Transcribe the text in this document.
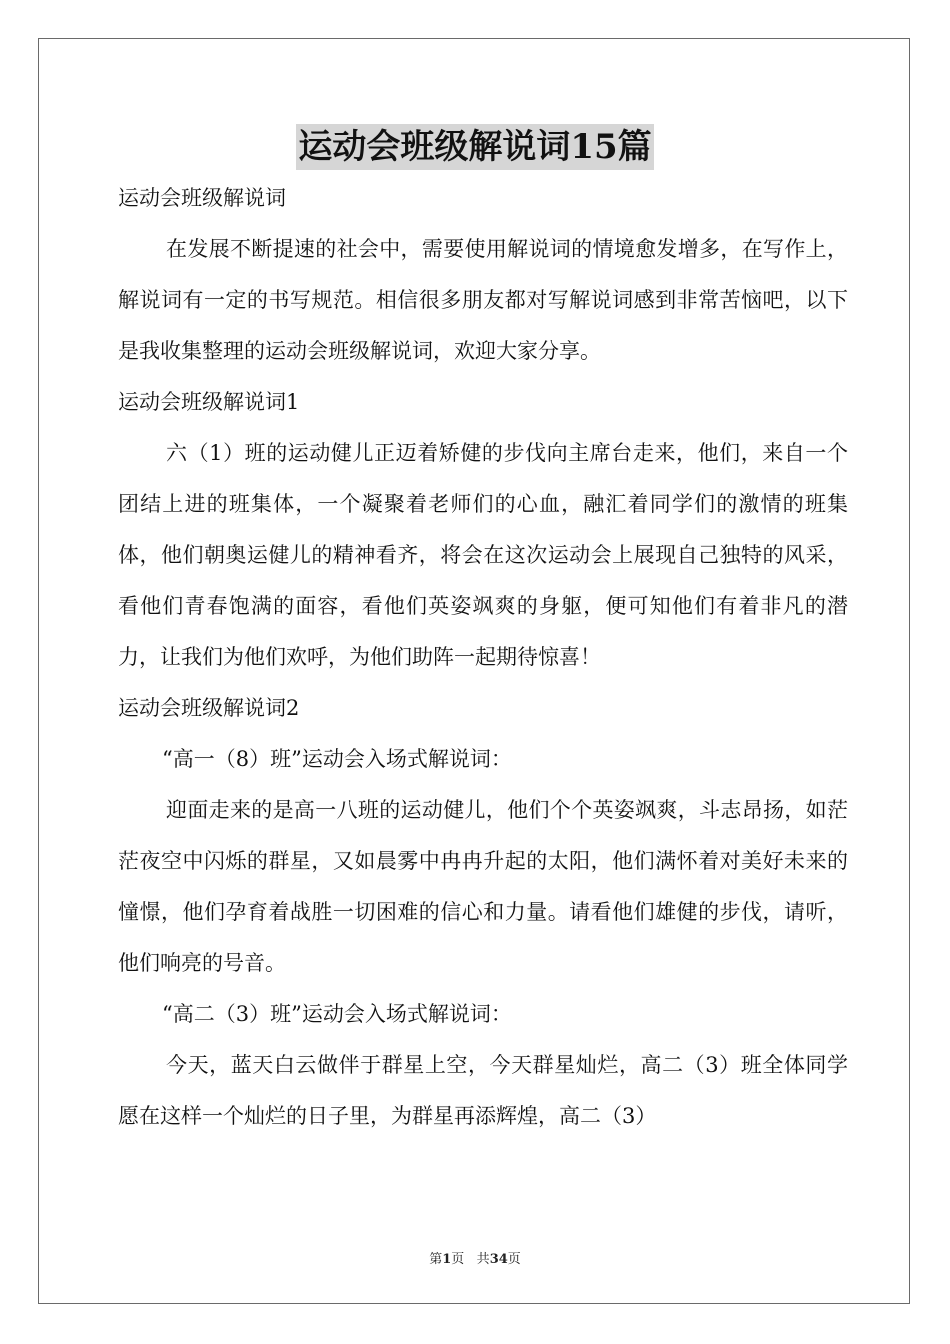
运动会班级解说词15篇

运动会班级解说词

在发展不断提速的社会中，需要使用解说词的情境愈发增多，在写作上，解说词有一定的书写规范。相信很多朋友都对写解说词感到非常苦恼吧，以下是我收集整理的运动会班级解说词，欢迎大家分享。

运动会班级解说词1

六（1）班的运动健儿正迈着矫健的步伐向主席台走来，他们，来自一个团结上进的班集体，一个凝聚着老师们的心血，融汇着同学们的激情的班集体，他们朝奥运健儿的精神看齐，将会在这次运动会上展现自己独特的风采，看他们青春饱满的面容，看他们英姿飒爽的身躯，便可知他们有着非凡的潜力，让我们为他们欢呼，为他们助阵一起期待惊喜！

运动会班级解说词2

“高一（8）班”运动会入场式解说词：

迎面走来的是高一八班的运动健儿，他们个个英姿飒爽，斗志昂扬，如茫茫夜空中闪烁的群星，又如晨雾中冉冉升起的太阳，他们满怀着对美好未来的憧憬，他们孕育着战胜一切困难的信心和力量。请看他们雄健的步伐，请听，他们响亮的号音。

“高二（3）班”运动会入场式解说词：

今天，蓝天白云做伴于群星上空，今天群星灿烂，高二（3）班全体同学愿在这样一个灿烂的日子里，为群星再添辉煌，高二（3）

第1页 共34页
